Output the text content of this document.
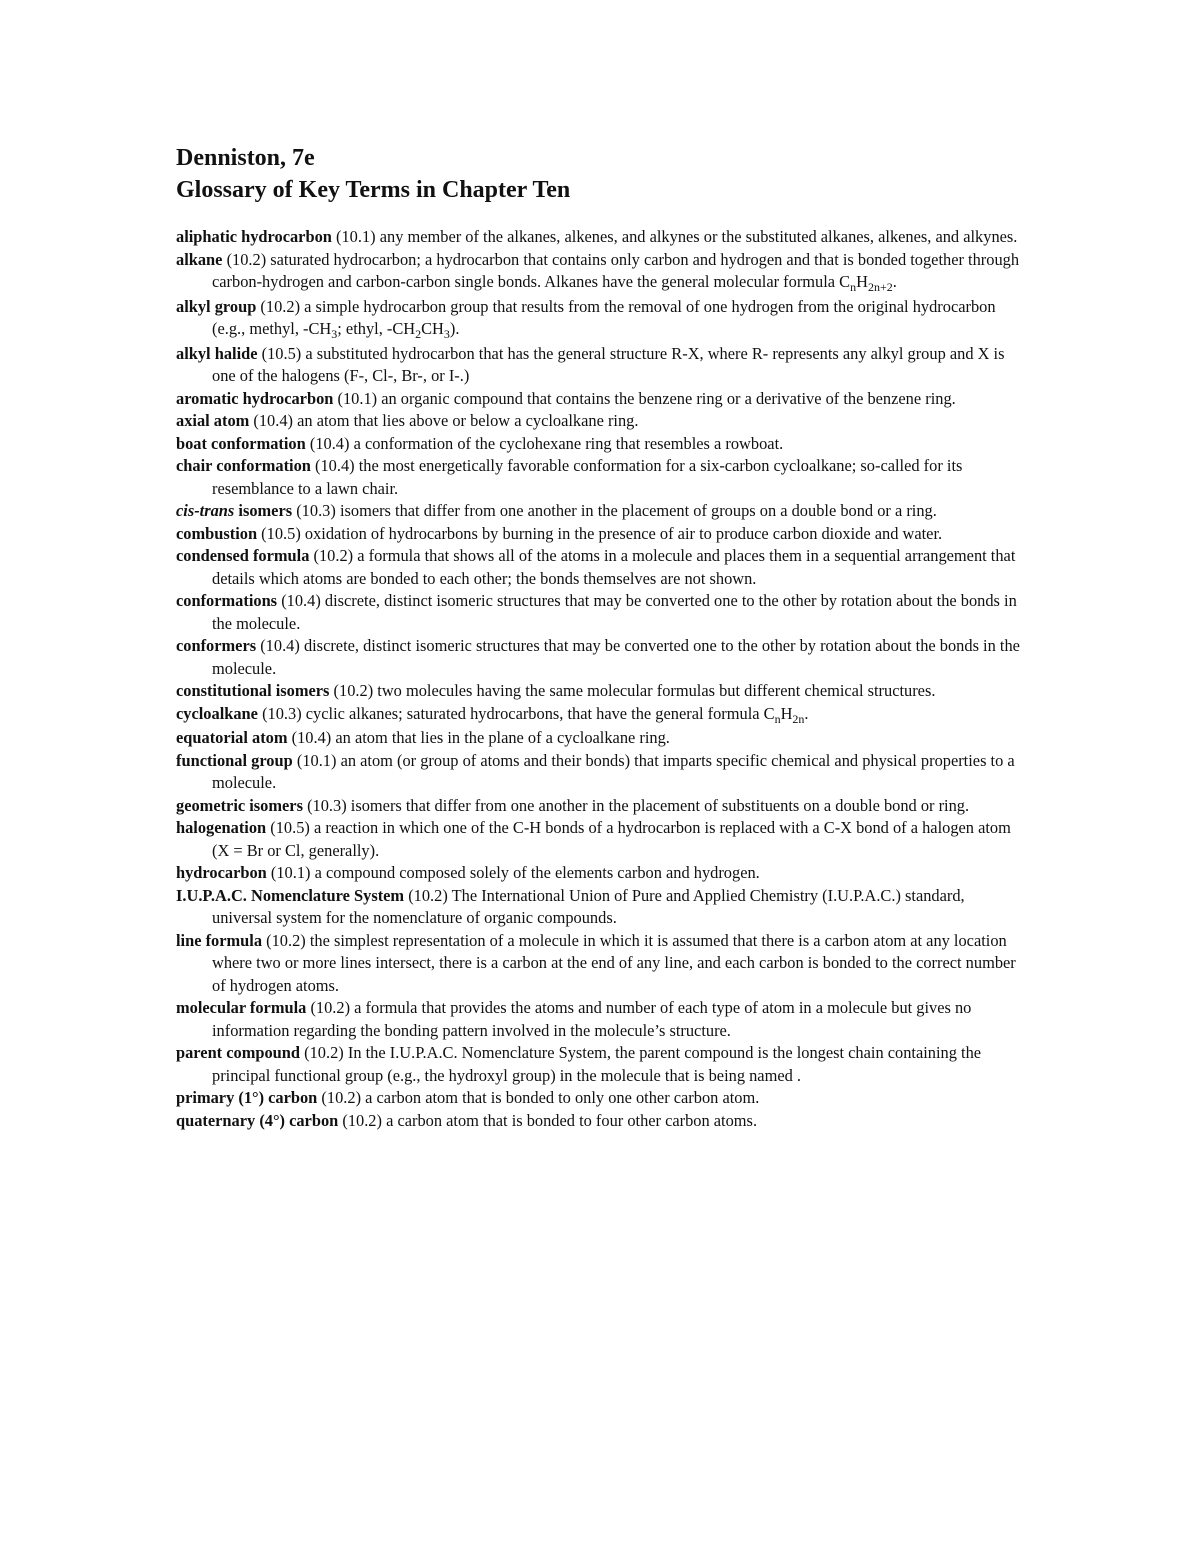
Denniston, 7e
Glossary of Key Terms in Chapter Ten

aliphatic hydrocarbon (10.1) any member of the alkanes, alkenes, and alkynes or the substituted alkanes, alkenes, and alkynes.

alkane (10.2) saturated hydrocarbon; a hydrocarbon that contains only carbon and hydrogen and that is bonded together through carbon-hydrogen and carbon-carbon single bonds. Alkanes have the general molecular formula $C_nH_{2n+2}$.

alkyl group (10.2) a simple hydrocarbon group that results from the removal of one hydrogen from the original hydrocarbon (e.g., methyl, $-CH_3$; ethyl, $-CH_2CH_3$).

alkyl halide (10.5) a substituted hydrocarbon that has the general structure R-X, where R- represents any alkyl group and X is one of the halogens (F-, Cl-, Br-, or I-.)

aromatic hydrocarbon (10.1) an organic compound that contains the benzene ring or a derivative of the benzene ring.

axial atom (10.4) an atom that lies above or below a cycloalkane ring.

boat conformation (10.4) a conformation of the cyclohexane ring that resembles a rowboat.

chair conformation (10.4) the most energetically favorable conformation for a six-carbon cycloalkane; so-called for its resemblance to a lawn chair.

cis-trans isomers (10.3) isomers that differ from one another in the placement of groups on a double bond or a ring.

combustion (10.5) oxidation of hydrocarbons by burning in the presence of air to produce carbon dioxide and water.

condensed formula (10.2) a formula that shows all of the atoms in a molecule and places them in a sequential arrangement that details which atoms are bonded to each other; the bonds themselves are not shown.

conformations (10.4) discrete, distinct isomeric structures that may be converted one to the other by rotation about the bonds in the molecule.

conformers (10.4) discrete, distinct isomeric structures that may be converted one to the other by rotation about the bonds in the molecule.

constitutional isomers (10.2) two molecules having the same molecular formulas but different chemical structures.

cycloalkane (10.3) cyclic alkanes; saturated hydrocarbons, that have the general formula $C_nH_{2n}$.

equatorial atom (10.4) an atom that lies in the plane of a cycloalkane ring.

functional group (10.1) an atom (or group of atoms and their bonds) that imparts specific chemical and physical properties to a molecule.

geometric isomers (10.3) isomers that differ from one another in the placement of substituents on a double bond or ring.

halogenation (10.5) a reaction in which one of the C-H bonds of a hydrocarbon is replaced with a C-X bond of a halogen atom (X = Br or Cl, generally).

hydrocarbon (10.1) a compound composed solely of the elements carbon and hydrogen.

I.U.P.A.C. Nomenclature System (10.2) The International Union of Pure and Applied Chemistry (I.U.P.A.C.) standard, universal system for the nomenclature of organic compounds.

line formula (10.2) the simplest representation of a molecule in which it is assumed that there is a carbon atom at any location where two or more lines intersect, there is a carbon at the end of any line, and each carbon is bonded to the correct number of hydrogen atoms.

molecular formula (10.2) a formula that provides the atoms and number of each type of atom in a molecule but gives no information regarding the bonding pattern involved in the molecule’s structure.

parent compound (10.2) In the I.U.P.A.C. Nomenclature System, the parent compound is the longest chain containing the principal functional group (e.g., the hydroxyl group) in the molecule that is being named .

primary (1°) carbon (10.2) a carbon atom that is bonded to only one other carbon atom.

quaternary (4°) carbon (10.2) a carbon atom that is bonded to four other carbon atoms.
